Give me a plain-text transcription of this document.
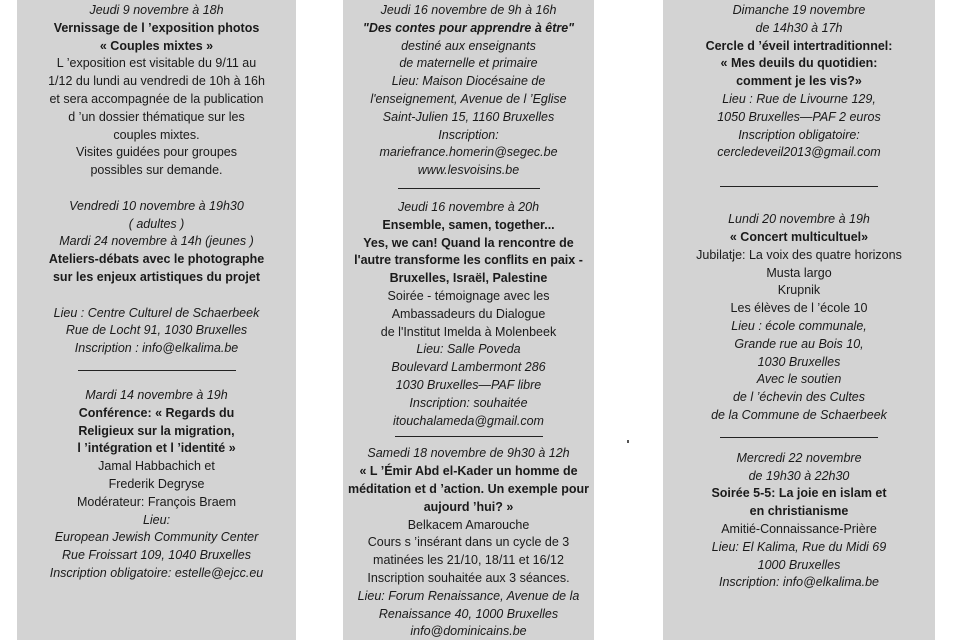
Jeudi 9 novembre à 18h
Vernissage de l ’exposition photos
« Couples mixtes »
L ’exposition est visitable du 9/11 au
1/12 du lundi au vendredi de 10h à 16h
et sera accompagnée de la publication
d ’un dossier thématique sur les
couples mixtes.
Visites guidées pour groupes
possibles sur demande.

Vendredi 10 novembre à 19h30
( adultes )
Mardi 24 novembre à 14h (jeunes )
Ateliers-débats avec le photographe
sur les enjeux artistiques du projet

Lieu : Centre Culturel de Schaerbeek
Rue de Locht 91, 1030 Bruxelles
Inscription : info@elkalima.be
Mardi 14 novembre à 19h
Conférence: « Regards du
Religieux sur la migration,
l ’intégration et l ’identité »
Jamal Habbachich et
Frederik Degryse
Modérateur: François Braem
Lieu:
European Jewish Community Center
Rue Froissart 109, 1040 Bruxelles
Inscription obligatoire: estelle@ejcc.eu
Jeudi 16 novembre de 9h à 16h
"Des contes pour apprendre à être"
destiné aux enseignants
de maternelle et primaire
Lieu: Maison Diocésaine de
l'enseignement, Avenue de l ’Eglise
Saint-Julien 15, 1160 Bruxelles
Inscription:
mariefrance.homerin@segec.be
www.lesvoisins.be
Jeudi 16 novembre à 20h
Ensemble, samen, together...
Yes, we can! Quand la rencontre de
l'autre transforme les conflits en paix -
Bruxelles, Israël, Palestine
Soirée - témoignage avec les
Ambassadeurs du Dialogue
de l'Institut Imelda à Molenbeek
Lieu: Salle Poveda
Boulevard Lambermont 286
1030 Bruxelles—PAF libre
Inscription: souhaitée
itouchalameda@gmail.com
Samedi 18 novembre de 9h30 à 12h
« L ’Émir Abd el-Kader un homme de
méditation et d ’action. Un exemple pour
aujourd ’hui? »
Belkacem Amarouche
Cours s ’insérant dans un cycle de 3
matinées les 21/10, 18/11 et 16/12
Inscription souhaitée aux 3 séances.
Lieu: Forum Renaissance, Avenue de la
Renaissance 40, 1000 Bruxelles
info@dominicains.be
Dimanche 19 novembre
de 14h30 à 17h
Cercle d ’éveil intertraditionnel:
« Mes deuils du quotidien:
comment je les vis?»
Lieu : Rue de Livourne 129,
1050 Bruxelles—PAF 2 euros
Inscription obligatoire:
cercledeveil2013@gmail.com
Lundi 20 novembre à 19h
« Concert multicultuel»
Jubilatje: La voix des quatre horizons
Musta largo
Krupnik
Les élèves de l ’école 10
Lieu : école communale,
Grande rue au Bois 10,
1030 Bruxelles
Avec le soutien
de l ’échevin des Cultes
de la Commune de Schaerbeek
Mercredi 22 novembre
de 19h30 à 22h30
Soirée 5-5: La joie en islam et
en christianisme
Amitié-Connaissance-Prière
Lieu: El Kalima, Rue du Midi 69
1000 Bruxelles
Inscription: info@elkalima.be
